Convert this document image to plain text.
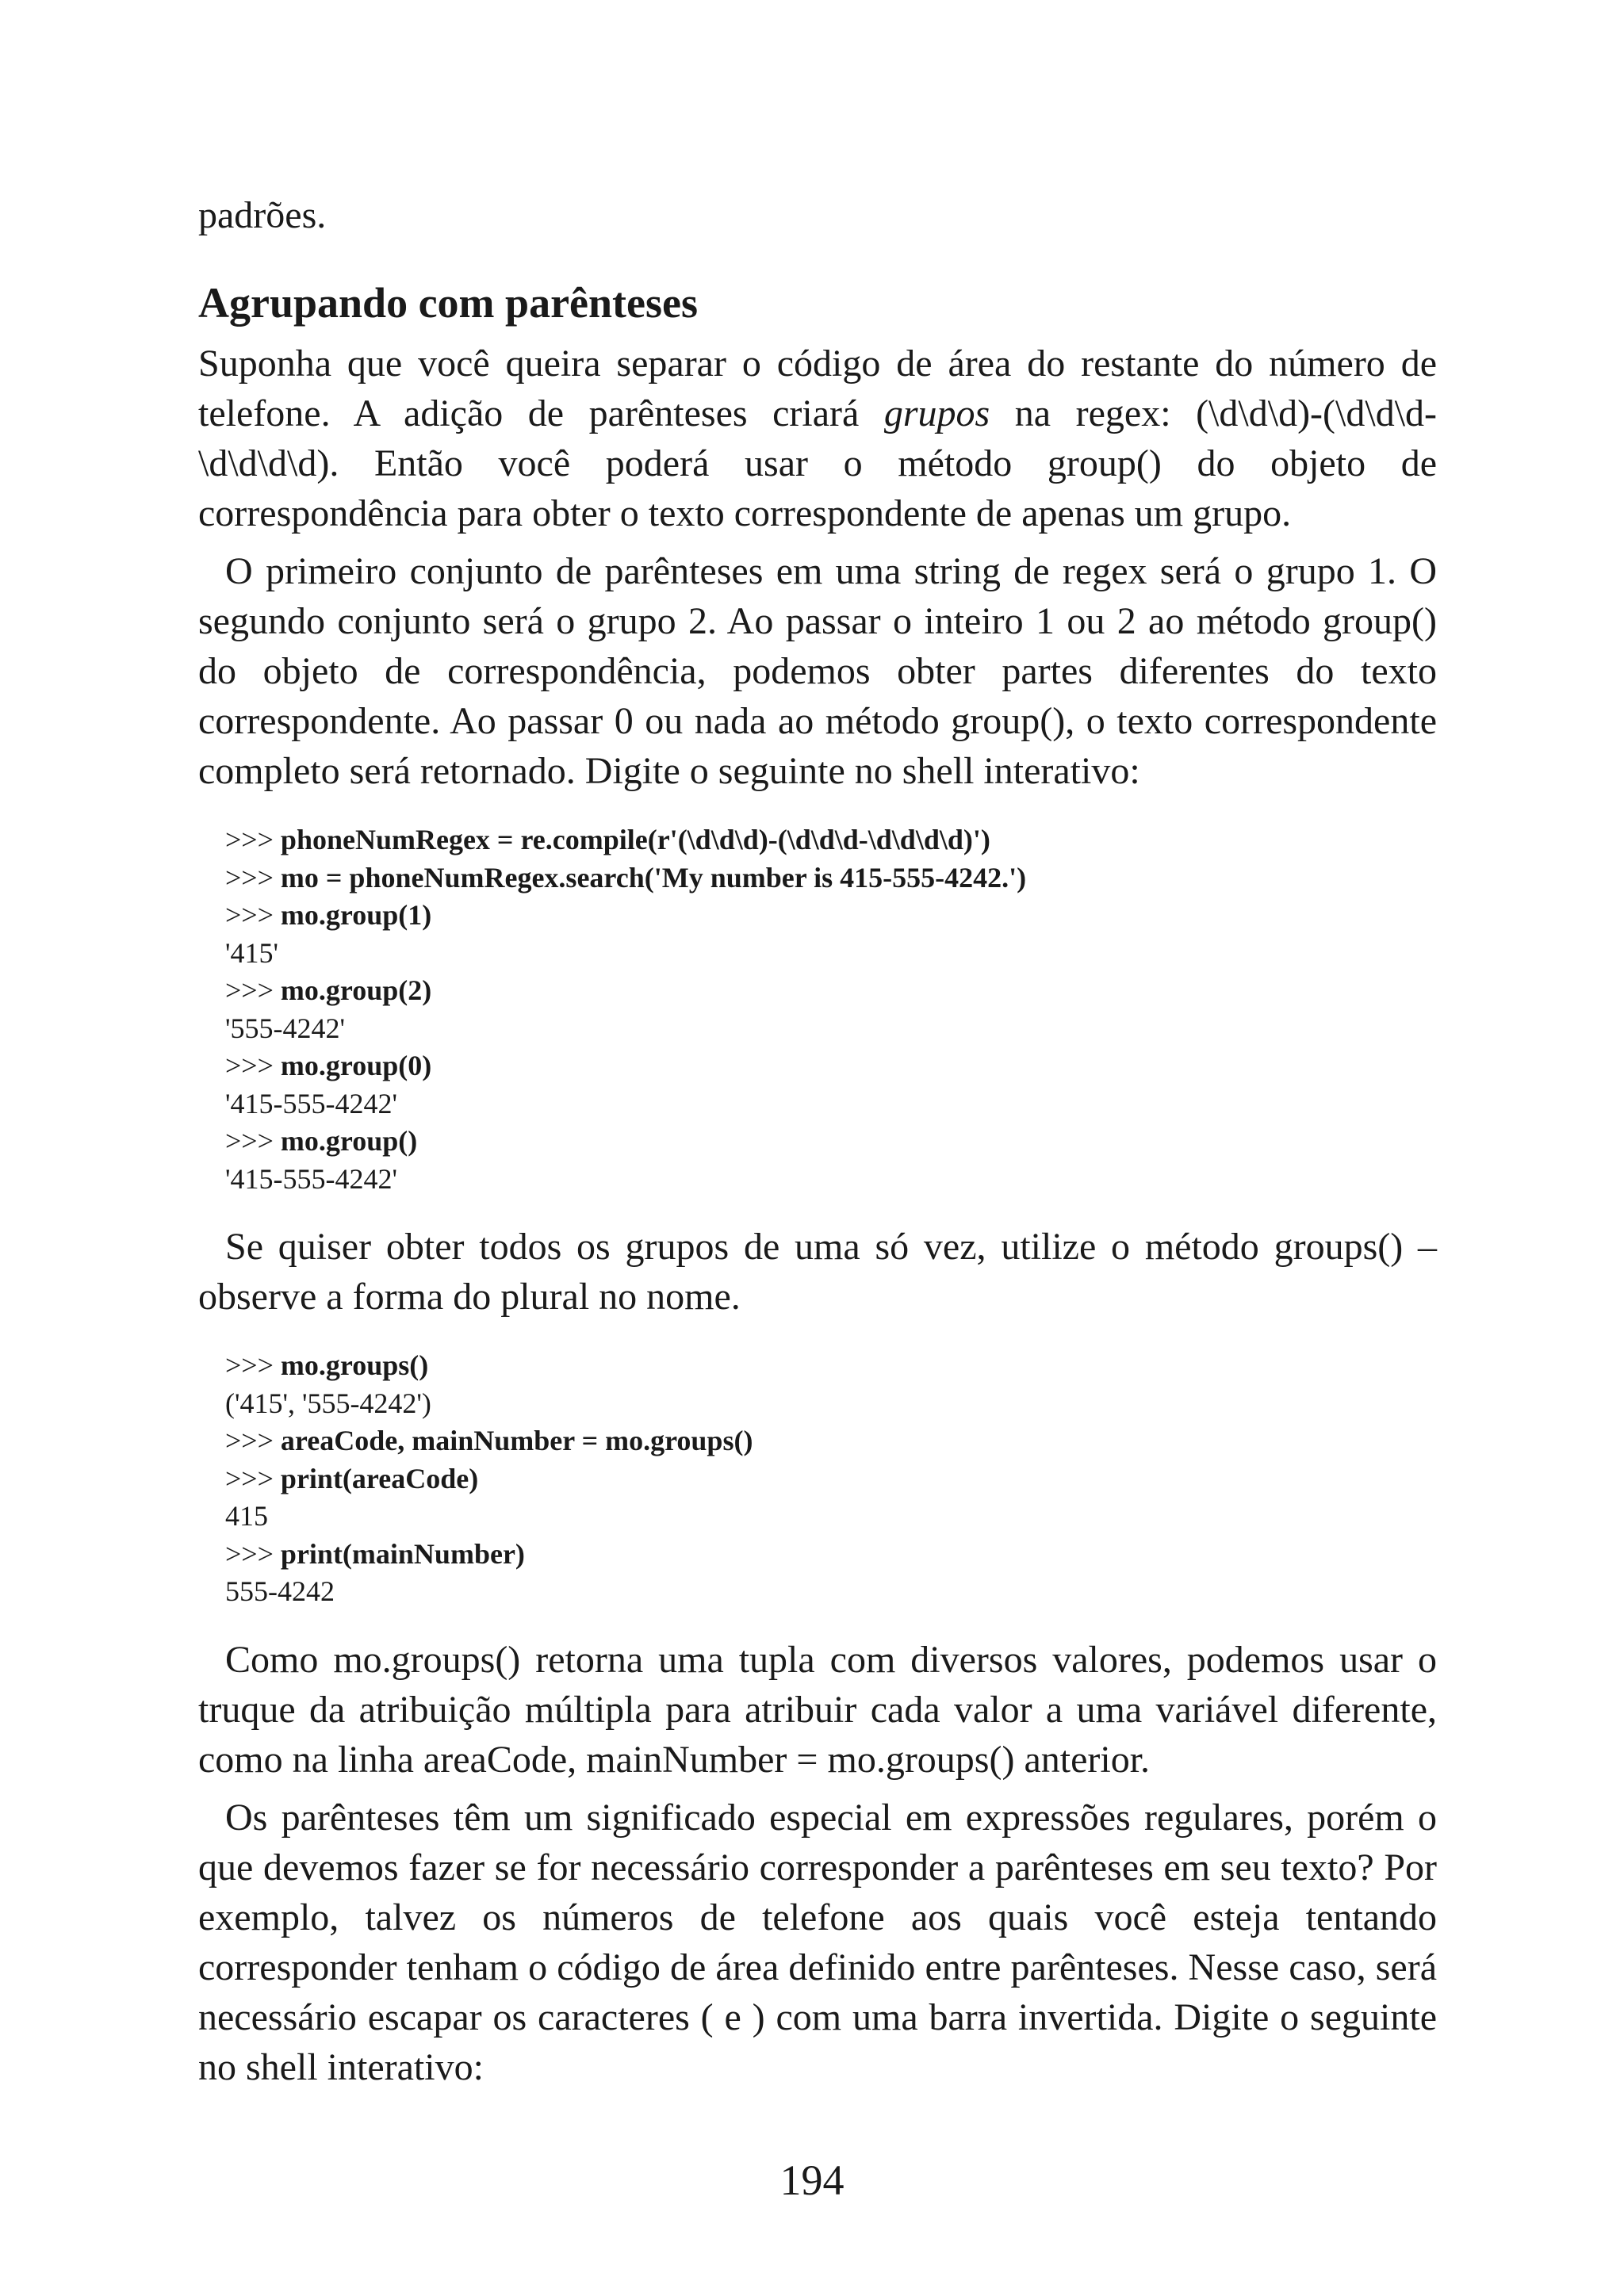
padrões.

Agrupando com parênteses

Suponha que você queira separar o código de área do restante do número de telefone. A adição de parênteses criará grupos na regex: (\d\d\d)-(\d\d\d-\d\d\d\d). Então você poderá usar o método group() do objeto de correspondência para obter o texto correspondente de apenas um grupo.

O primeiro conjunto de parênteses em uma string de regex será o grupo 1. O segundo conjunto será o grupo 2. Ao passar o inteiro 1 ou 2 ao método group() do objeto de correspondência, podemos obter partes diferentes do texto correspondente. Ao passar 0 ou nada ao método group(), o texto correspondente completo será retornado. Digite o seguinte no shell interativo:

>>> phoneNumRegex = re.compile(r'(\d\d\d)-(\d\d\d-\d\d\d\d)')
>>> mo = phoneNumRegex.search('My number is 415-555-4242.')
>>> mo.group(1)
'415'
>>> mo.group(2)
'555-4242'
>>> mo.group(0)
'415-555-4242'
>>> mo.group()
'415-555-4242'

Se quiser obter todos os grupos de uma só vez, utilize o método groups() – observe a forma do plural no nome.

>>> mo.groups()
('415', '555-4242')
>>> areaCode, mainNumber = mo.groups()
>>> print(areaCode)
415
>>> print(mainNumber)
555-4242

Como mo.groups() retorna uma tupla com diversos valores, podemos usar o truque da atribuição múltipla para atribuir cada valor a uma variável diferente, como na linha areaCode, mainNumber = mo.groups() anterior.

Os parênteses têm um significado especial em expressões regulares, porém o que devemos fazer se for necessário corresponder a parênteses em seu texto? Por exemplo, talvez os números de telefone aos quais você esteja tentando corresponder tenham o código de área definido entre parênteses. Nesse caso, será necessário escapar os caracteres ( e ) com uma barra invertida. Digite o seguinte no shell interativo:

194
